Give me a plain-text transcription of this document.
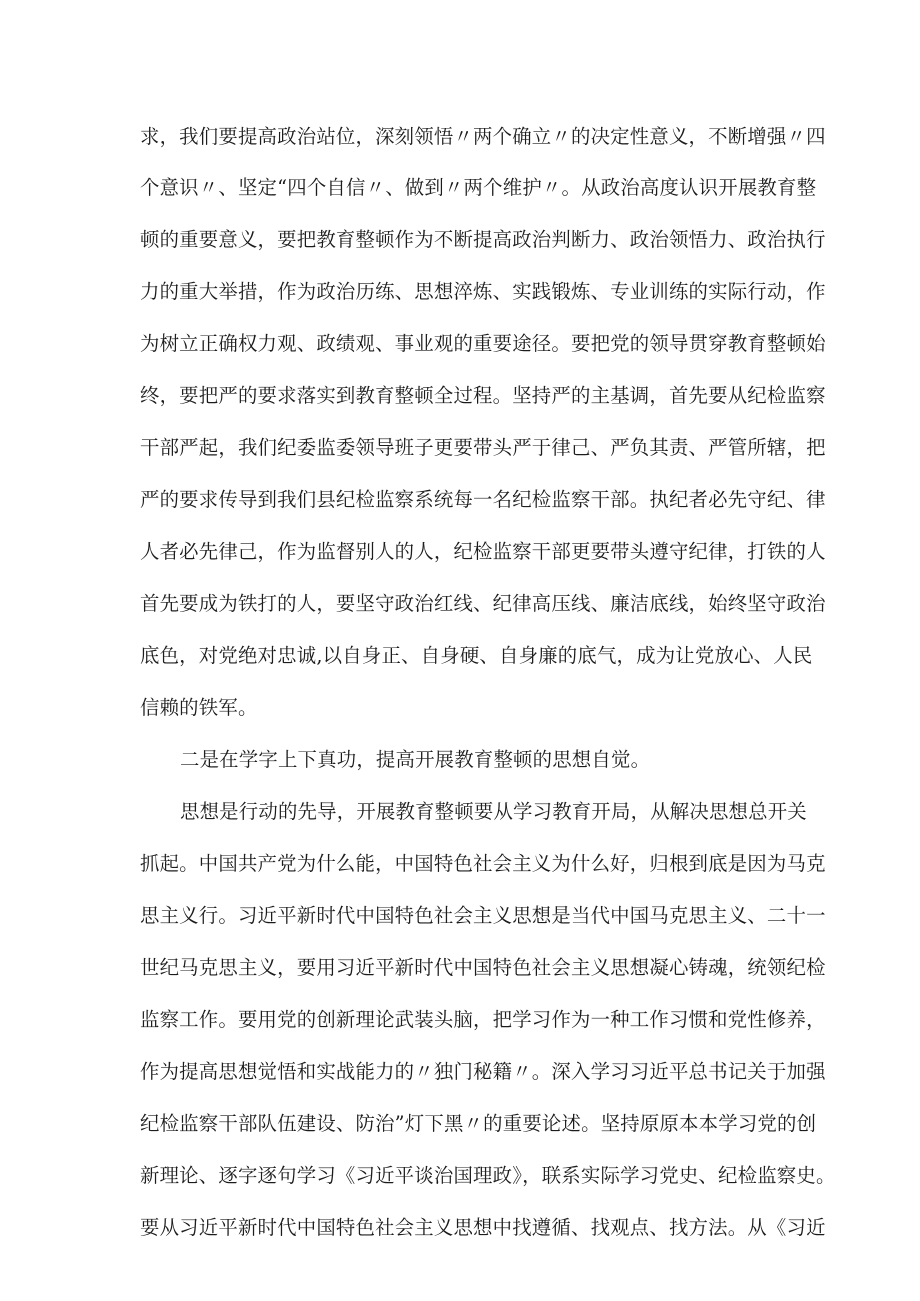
求，我们要提高政治站位，深刻领悟〃两个确立〃的决定性意义，不断增强〃四
个意识〃、坚定“四个自信〃、做到〃两个维护〃。从政治高度认识开展教育整
顿的重要意义，要把教育整顿作为不断提高政治判断力、政治领悟力、政治执行
力的重大举措，作为政治历练、思想淬炼、实践锻炼、专业训练的实际行动，作
为树立正确权力观、政绩观、事业观的重要途径。要把党的领导贯穿教育整顿始
终，要把严的要求落实到教育整顿全过程。坚持严的主基调，首先要从纪检监察
干部严起，我们纪委监委领导班子更要带头严于律己、严负其责、严管所辖，把
严的要求传导到我们县纪检监察系统每一名纪检监察干部。执纪者必先守纪、律
人者必先律己，作为监督别人的人，纪检监察干部更要带头遵守纪律，打铁的人
首先要成为铁打的人，要坚守政治红线、纪律高压线、廉洁底线，始终坚守政治
底色，对党绝对忠诚,以自身正、自身硬、自身廉的底气，成为让党放心、人民
信赖的铁军。
二是在学字上下真功，提高开展教育整顿的思想自觉。
思想是行动的先导，开展教育整顿要从学习教育开局，从解决思想总开关
抓起。中国共产党为什么能，中国特色社会主义为什么好，归根到底是因为马克
思主义行。习近平新时代中国特色社会主义思想是当代中国马克思主义、二十一
世纪马克思主义，要用习近平新时代中国特色社会主义思想凝心铸魂，统领纪检
监察工作。要用党的创新理论武装头脑，把学习作为一种工作习惯和党性修养，
作为提高思想觉悟和实战能力的〃独门秘籍〃。深入学习习近平总书记关于加强
纪检监察干部队伍建设、防治”灯下黑〃的重要论述。坚持原原本本学习党的创
新理论、逐字逐句学习《习近平谈治国理政》，联系实际学习党史、纪检监察史。
要从习近平新时代中国特色社会主义思想中找遵循、找观点、找方法。从《习近
